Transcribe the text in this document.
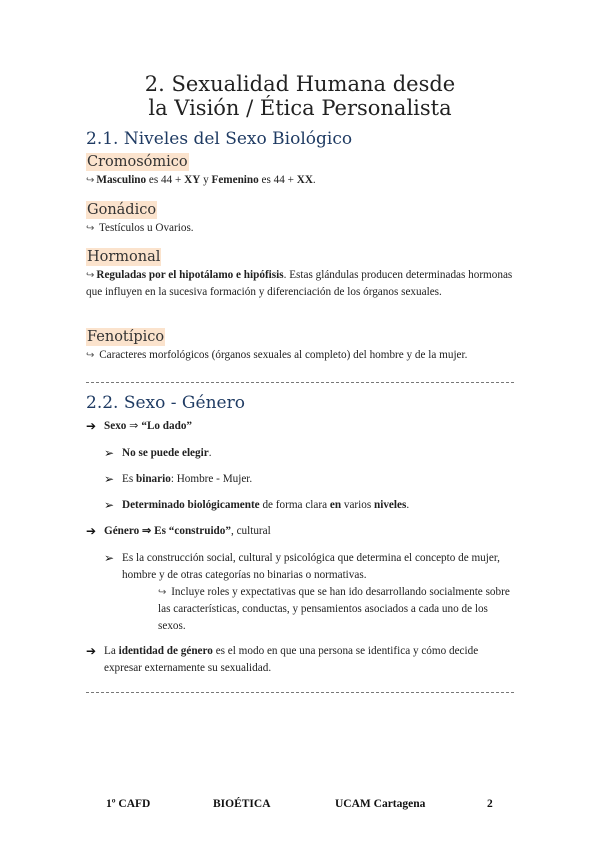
2. Sexualidad Humana desde
la Visión / Ética Personalista
2.1. Niveles del Sexo Biológico
Cromosómico
↪ Masculino es 44 + XY y Femenino es 44 + XX.
Gonádico
↪ Testículos u Ovarios.
Hormonal
↪ Reguladas por el hipotálamo e hipófisis. Estas glándulas producen determinadas hormonas que influyen en la sucesiva formación y diferenciación de los órganos sexuales.
Fenotípico
↪ Caracteres morfológicos (órganos sexuales al completo) del hombre y de la mujer.
2.2. Sexo - Género
➔ Sexo ⇒ “Lo dado”
➢ No se puede elegir.
➢ Es binario: Hombre - Mujer.
➢ Determinado biológicamente de forma clara en varios niveles.
➔ Género ⇒ Es “construido”, cultural
➢ Es la construcción social, cultural y psicológica que determina el concepto de mujer, hombre y de otras categorías no binarias o normativas.
↪ Incluye roles y expectativas que se han ido desarrollando socialmente sobre las características, conductas, y pensamientos asociados a cada uno de los sexos.
➔ La identidad de género es el modo en que una persona se identifica y cómo decide expresar externamente su sexualidad.
1º CAFD	BIOÉTICA	UCAM Cartagena	2
